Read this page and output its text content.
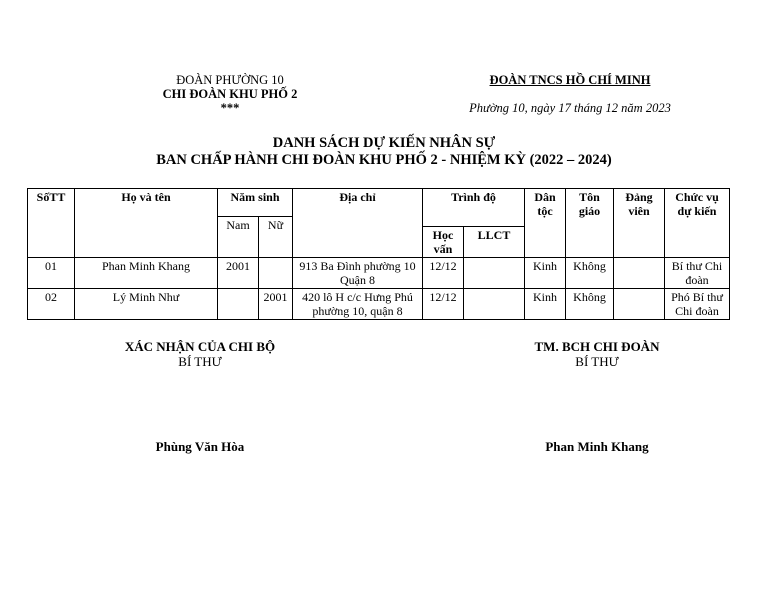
ĐOÀN PHƯỜNG 10
CHI ĐOÀN KHU PHỐ 2
***
ĐOÀN TNCS HỒ CHÍ MINH
Phường 10, ngày 17 tháng 12 năm 2023
DANH SÁCH DỰ KIẾN NHÂN SỰ
BAN CHẤP HÀNH CHI ĐOÀN KHU PHỐ 2 - NHIỆM KỲ (2022 – 2024)
SốTT	Họ và tên	Năm sinh		Địa chỉ	Trình độ		Dân tộc	Tôn giáo	Đảng viên	Chức vụ dự kiến
		Nam	Nữ							
					Học vấn	LLCT				
01	Phan Minh Khang	2001		913 Ba Đình phường 10 Quận 8	12/12		Kinh	Không		Bí thư Chi đoàn
02	Lý Minh Như		2001	420 lô H c/c Hưng Phú phường 10, quận 8	12/12		Kinh	Không		Phó Bí thư Chi đoàn
XÁC NHẬN CỦA CHI BỘ
BÍ THƯ
Phùng Văn Hòa
TM. BCH CHI ĐOÀN
BÍ THƯ
Phan Minh Khang
